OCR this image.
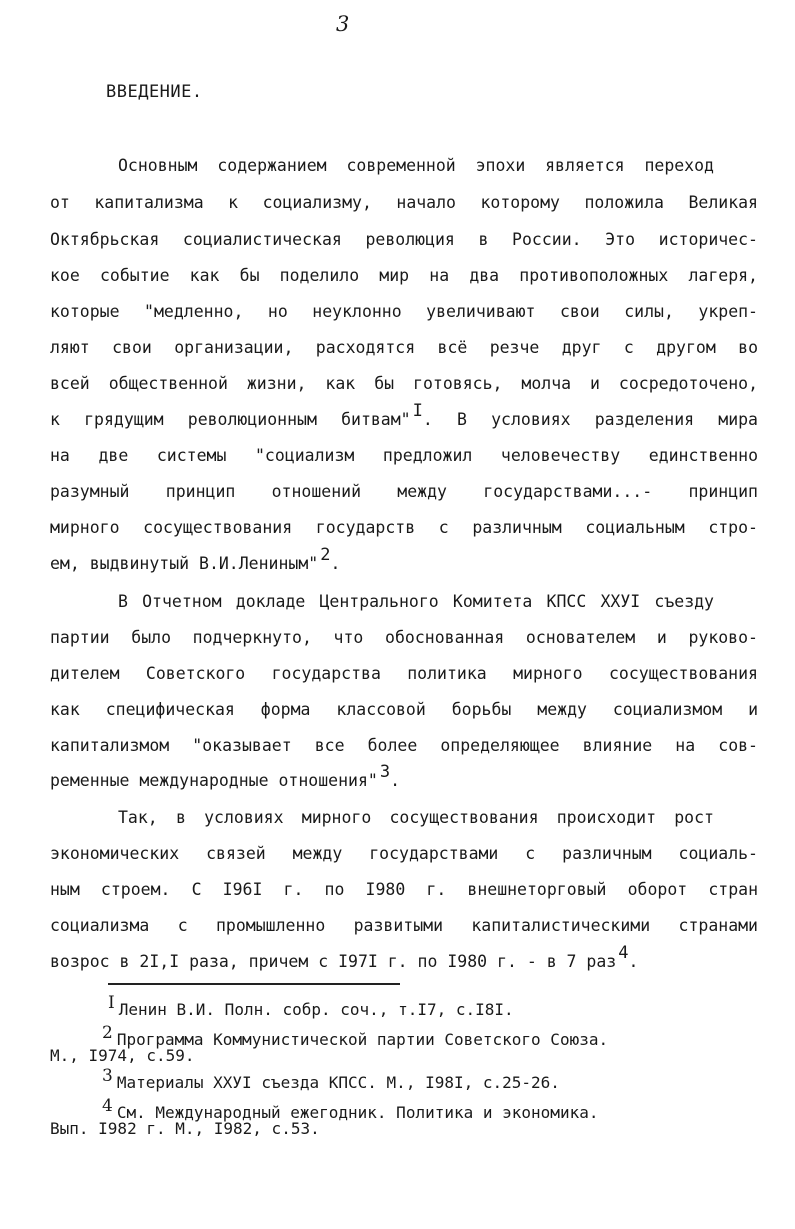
3
ВВЕДЕНИЕ.
Основным содержанием современной эпохи является переход
от капитализма к социализму, начало которому положила Великая
Октябрьская социалистическая революция в России. Это историчес-
кое событие как бы поделило мир на два противоположных лагеря,
которые "медленно, но неуклонно увеличивают свои силы, укреп-
ляют свои организации, расходятся всё резче друг с другом во
всей общественной жизни, как бы готовясь, молча и сосредоточено,
к грядущим революционным битвам" I. В условиях разделения мира
на две системы "социализм предложил человечеству единственно
разумный принцип отношений между государствами...- принцип
мирного сосуществования государств с различным социальным стро-
ем, выдвинутый В.И.Лениным" 2.
В Отчетном докладе Центрального Комитета КПСС XXУI съезду
партии было подчеркнуто, что обоснованная основателем и руково-
дителем Советского государства политика мирного сосуществования
как специфическая форма классовой борьбы между социализмом и
капитализмом "оказывает все более определяющее влияние на сов-
ременные международные отношения" 3.
Так, в условиях мирного сосуществования происходит рост
экономических связей между государствами с различным социаль-
ным строем. С I96I г. по I980 г. внешнеторговый оборот стран
социализма с промышленно развитыми капиталистическими странами
возрос в 2I,I раза, причем с I97I г. по I980 г. - в 7 раз 4.
I Ленин В.И. Полн. собр. соч., т.I7, с.I8I.
2 Программа Коммунистической партии Советского Союза.
М., I974, с.59.
3 Материалы XXУI съезда КПСС. М., I98I, с.25-26.
4 См. Международный ежегодник. Политика и экономика.
Вып. I982 г. М., I982, с.53.
